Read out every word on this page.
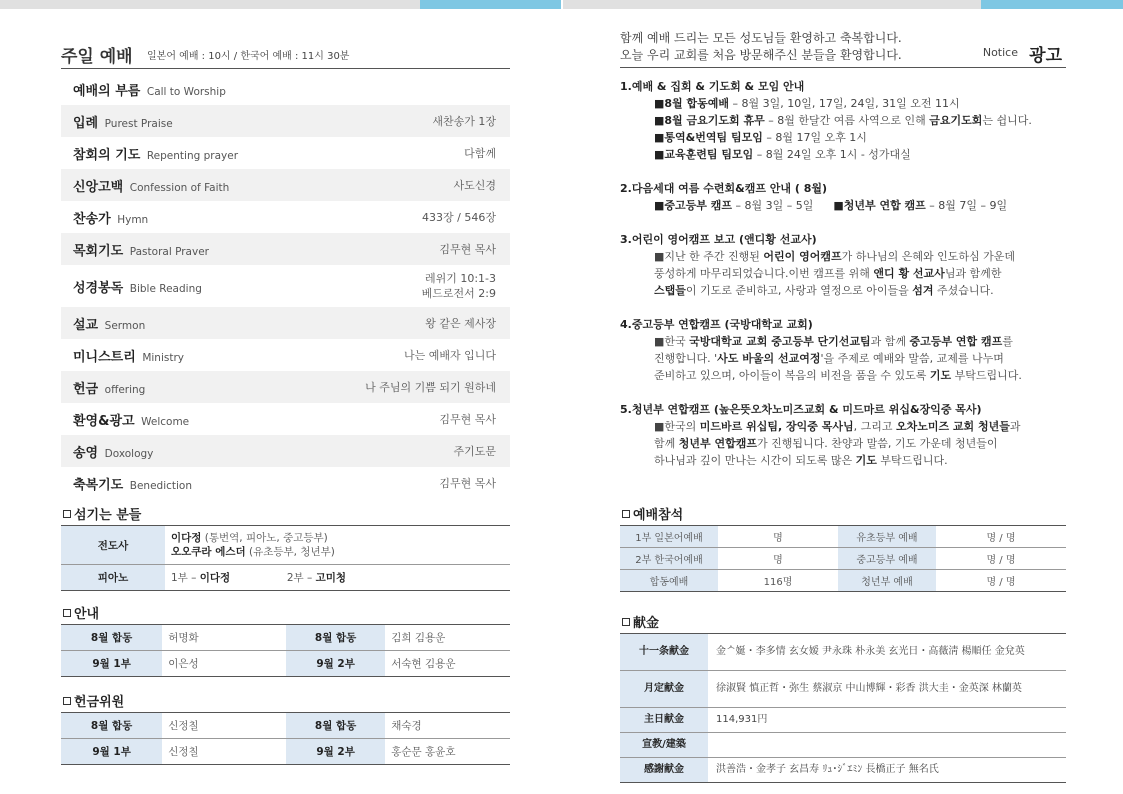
주일 예배 일본어 예배 : 10시 / 한국어 예배 : 11시 30분
예배의 부름 Call to Worship
입례 Purest Praise	새찬송가 1장
참회의 기도 Repenting prayer	다함께
신앙고백 Confession of Faith	사도신경
찬송가 Hymn	433장 / 546장
목회기도 Pastoral Praver	김무현 목사
성경봉독 Bible Reading
레위기 10:1-3
베드로전서 2:9
설교 Sermon	왕 같은 제사장
미니스트리 Ministry	나는 예배자 입니다
헌금 offering	나 주님의 기쁨 되기 원하네
환영&광고 Welcome	김무현 목사
송영 Doxology	주기도문
축복기도 Benediction	김무현 목사
섬기는 분들
전도사	이다정 (통번역, 피아노, 중고등부)
오오쿠라 에스더 (유초등부, 청년부)

피아노	1부 – 이다정 2부 – 고미청
안내
8월 합동	허명화	8월 합동	김희 김용운
9월 1부	이은성	9월 2부	서숙현 김용운
헌금위원
8월 합동	신정칠	8월 합동	채숙경
9월 1부	신정칠	9월 2부	홍순문 홍윤호
함께 예배 드리는 모든 성도님들 환영하고 축복합니다.
오늘 우리 교회를 처음 방문해주신 분들을 환영합니다.	Notice 광고
1.예배 & 집회 & 기도회 & 모임 안내
■8월 합동예배 – 8월 3일, 10일, 17일, 24일, 31일 오전 11시
■8월 금요기도회 휴무 – 8월 한달간 여름 사역으로 인해 금요기도회는 쉽니다.
■통역&번역팀 팀모임 – 8월 17일 오후 1시
■교육훈련팀 팀모임 – 8월 24일 오후 1시 - 성가대실
2.다음세대 여름 수련회&캠프 안내 ( 8월)
■중고등부 캠프 – 8월 3일 – 5일 ■청년부 연합 캠프 – 8월 7일 – 9일
3.어린이 영어캠프 보고 (앤디황 선교사)
■지난 한 주간 진행된 어린이 영어캠프가 하나님의 은혜와 인도하심 가운데
풍성하게 마무리되었습니다.이번 캠프를 위해 앤디 황 선교사님과 함께한
스탭들이 기도로 준비하고, 사랑과 열정으로 아이들을 섬겨 주셨습니다.
4.중고등부 연합캠프 (국방대학교 교회)
■한국 국방대학교 교회 중고등부 단기선교팀과 함께 중고등부 연합 캠프를
진행합니다. '사도 바울의 선교여정'을 주제로 예배와 말씀, 교제를 나누며
준비하고 있으며, 아이들이 복음의 비전을 품을 수 있도록 기도 부탁드립니다.
5.청년부 연합캠프 (높은뜻오차노미즈교회 & 미드마르 위십&장익중 목사)
■한국의 미드바르 위십팀, 장익중 목사님, 그리고 오차노미즈 교회 청년들과
함께 청년부 연합캠프가 진행됩니다. 찬양과 말씀, 기도 가운데 청년들이
하나님과 깊이 만나는 시간이 되도록 많은 기도 부탁드립니다.
예배참석
1부 일본어예배	명	유초등부 예배	명 / 명
2부 한국어예배	명	중고등부 예배	명 / 명
합동예배	116명	청년부 예배	명 / 명
献金
十一条献金	金ᄉ娫・李多情 玄女嫒 尹永珠 朴永美 玄光日・高薇淸 楊順任 金兌英
月定献金	徐淑賢 慎正哲・弥生 蔡淑京 中山博輝・彩香 洪大圭・金英深 林蘭英
主日献金	114,931円
宣教/建築	
感謝献金	洪善浩・金孝子 玄昌寿 ﾘｭ･ｼﾞｴﾐﾝ 長橋正子 無名氏
